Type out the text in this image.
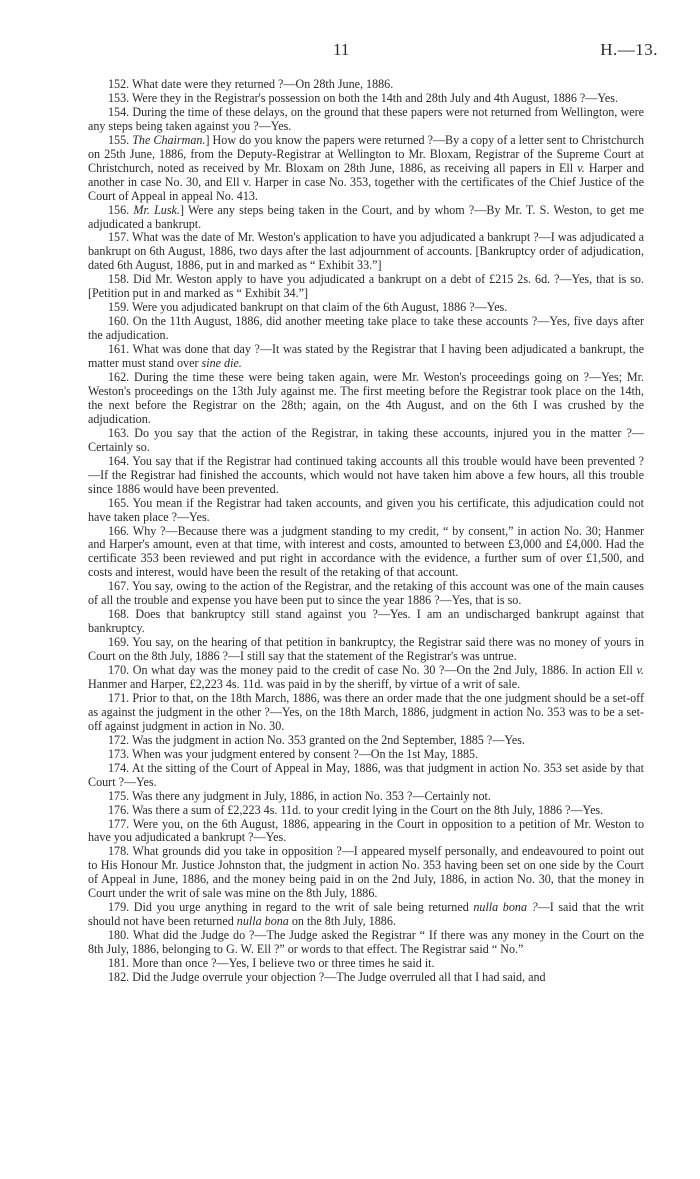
11	H.—13.

152. What date were they returned ?—On 28th June, 1886.

153. Were they in the Registrar's possession on both the 14th and 28th July and 4th August, 1886 ?—Yes.

154. During the time of these delays, on the ground that these papers were not returned from Wellington, were any steps being taken against you ?—Yes.

155. The Chairman.] How do you know the papers were returned ?—By a copy of a letter sent to Christchurch on 25th June, 1886, from the Deputy-Registrar at Wellington to Mr. Bloxam, Registrar of the Supreme Court at Christchurch, noted as received by Mr. Bloxam on 28th June, 1886, as receiving all papers in Ell v. Harper and another in case No. 30, and Ell v. Harper in case No. 353, together with the certificates of the Chief Justice of the Court of Appeal in appeal No. 413.

156. Mr. Lusk.] Were any steps being taken in the Court, and by whom ?—By Mr. T. S. Weston, to get me adjudicated a bankrupt.

157. What was the date of Mr. Weston's application to have you adjudicated a bankrupt ?—I was adjudicated a bankrupt on 6th August, 1886, two days after the last adjournment of accounts. [Bankruptcy order of adjudication, dated 6th August, 1886, put in and marked as “ Exhibit 33.”]

158. Did Mr. Weston apply to have you adjudicated a bankrupt on a debt of £215 2s. 6d. ?—Yes, that is so. [Petition put in and marked as “ Exhibit 34.”]

159. Were you adjudicated bankrupt on that claim of the 6th August, 1886 ?—Yes.

160. On the 11th August, 1886, did another meeting take place to take these accounts ?—Yes, five days after the adjudication.

161. What was done that day ?—It was stated by the Registrar that I having been adjudicated a bankrupt, the matter must stand over sine die.

162. During the time these were being taken again, were Mr. Weston's proceedings going on ?—Yes; Mr. Weston's proceedings on the 13th July against me. The first meeting before the Registrar took place on the 14th, the next before the Registrar on the 28th; again, on the 4th August, and on the 6th I was crushed by the adjudication.

163. Do you say that the action of the Registrar, in taking these accounts, injured you in the matter ?—Certainly so.

164. You say that if the Registrar had continued taking accounts all this trouble would have been prevented ?—If the Registrar had finished the accounts, which would not have taken him above a few hours, all this trouble since 1886 would have been prevented.

165. You mean if the Registrar had taken accounts, and given you his certificate, this adjudication could not have taken place ?—Yes.

166. Why ?—Because there was a judgment standing to my credit, “ by consent,” in action No. 30; Hanmer and Harper's amount, even at that time, with interest and costs, amounted to between £3,000 and £4,000. Had the certificate 353 been reviewed and put right in accordance with the evidence, a further sum of over £1,500, and costs and interest, would have been the result of the retaking of that account.

167. You say, owing to the action of the Registrar, and the retaking of this account was one of the main causes of all the trouble and expense you have been put to since the year 1886 ?—Yes, that is so.

168. Does that bankruptcy still stand against you ?—Yes. I am an undischarged bankrupt against that bankruptcy.

169. You say, on the hearing of that petition in bankruptcy, the Registrar said there was no money of yours in Court on the 8th July, 1886 ?—I still say that the statement of the Registrar's was untrue.

170. On what day was the money paid to the credit of case No. 30 ?—On the 2nd July, 1886. In action Ell v. Hanmer and Harper, £2,223 4s. 11d. was paid in by the sheriff, by virtue of a writ of sale.

171. Prior to that, on the 18th March, 1886, was there an order made that the one judgment should be a set-off as against the judgment in the other ?—Yes, on the 18th March, 1886, judgment in action No. 353 was to be a set-off against judgment in action in No. 30.

172. Was the judgment in action No. 353 granted on the 2nd September, 1885 ?—Yes.

173. When was your judgment entered by consent ?—On the 1st May, 1885.

174. At the sitting of the Court of Appeal in May, 1886, was that judgment in action No. 353 set aside by that Court ?—Yes.

175. Was there any judgment in July, 1886, in action No. 353 ?—Certainly not.

176. Was there a sum of £2,223 4s. 11d. to your credit lying in the Court on the 8th July, 1886 ?—Yes.

177. Were you, on the 6th August, 1886, appearing in the Court in opposition to a petition of Mr. Weston to have you adjudicated a bankrupt ?—Yes.

178. What grounds did you take in opposition ?—I appeared myself personally, and endeavoured to point out to His Honour Mr. Justice Johnston that, the judgment in action No. 353 having been set on one side by the Court of Appeal in June, 1886, and the money being paid in on the 2nd July, 1886, in action No. 30, that the money in Court under the writ of sale was mine on the 8th July, 1886.

179. Did you urge anything in regard to the writ of sale being returned nulla bona ?—I said that the writ should not have been returned nulla bona on the 8th July, 1886.

180. What did the Judge do ?—The Judge asked the Registrar “ If there was any money in the Court on the 8th July, 1886, belonging to G. W. Ell ?” or words to that effect. The Registrar said “ No.”

181. More than once ?—Yes, I believe two or three times he said it.

182. Did the Judge overrule your objection ?—The Judge overruled all that I had said, and
